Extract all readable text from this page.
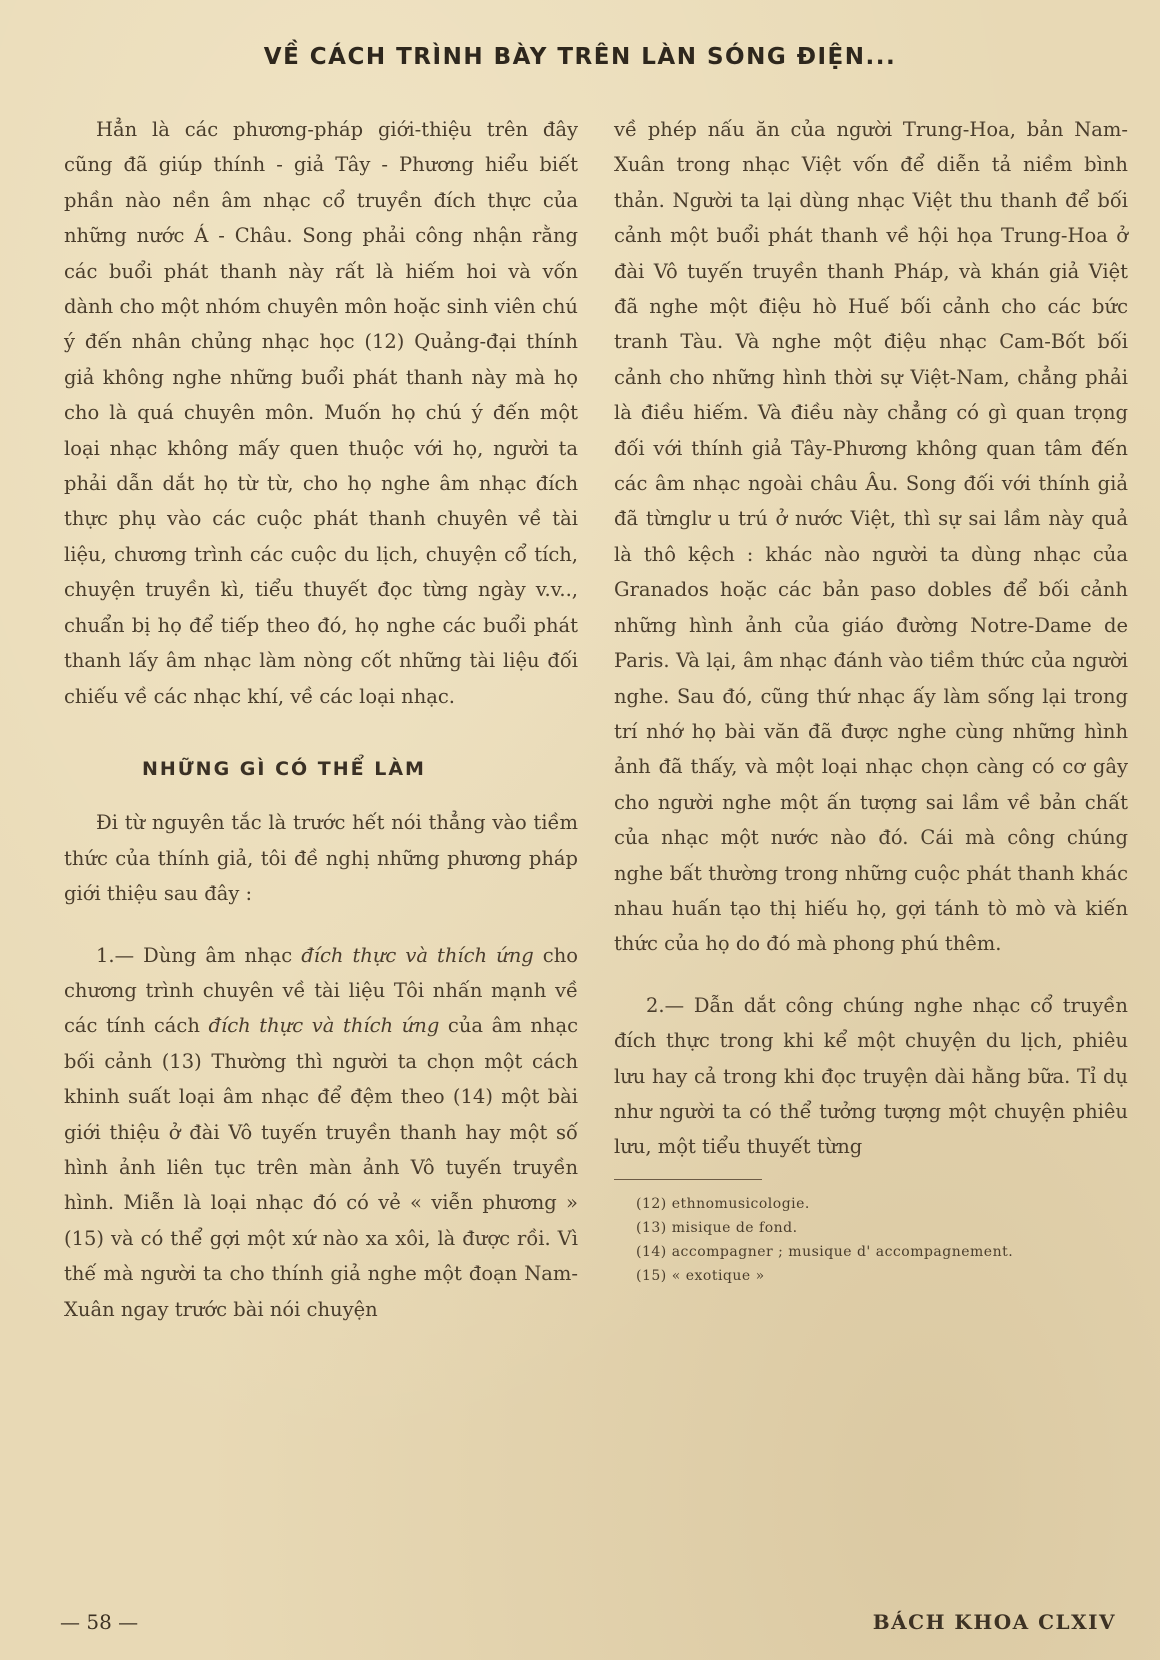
VỀ CÁCH TRÌNH BÀY TRÊN LÀN SÓNG ĐIỆN...

Hẳn là các phương-pháp giới-thiệu trên đây cũng đã giúp thính - giả Tây - Phương hiểu biết phần nào nền âm nhạc cổ truyền đích thực của những nước Á - Châu. Song phải công nhận rằng các buổi phát thanh này rất là hiếm hoi và vốn dành cho một nhóm chuyên môn hoặc sinh viên chú ý đến nhân chủng nhạc học (12) Quảng-đại thính giả không nghe những buổi phát thanh này mà họ cho là quá chuyên môn. Muốn họ chú ý đến một loại nhạc không mấy quen thuộc với họ, người ta phải dẫn dắt họ từ từ, cho họ nghe âm nhạc đích thực phụ vào các cuộc phát thanh chuyên về tài liệu, chương trình các cuộc du lịch, chuyện cổ tích, chuyện truyền kì, tiểu thuyết đọc từng ngày v.v.., chuẩn bị họ để tiếp theo đó, họ nghe các buổi phát thanh lấy âm nhạc làm nòng cốt những tài liệu đối chiếu về các nhạc khí, về các loại nhạc.

NHỮNG GÌ CÓ THỂ LÀM

Đi từ nguyên tắc là trước hết nói thẳng vào tiềm thức của thính giả, tôi đề nghị những phương pháp giới thiệu sau đây :

1.— Dùng âm nhạc đích thực và thích ứng cho chương trình chuyên về tài liệu Tôi nhấn mạnh về các tính cách đích thực và thích ứng của âm nhạc bối cảnh (13) Thường thì người ta chọn một cách khinh suất loại âm nhạc để đệm theo (14) một bài giới thiệu ở đài Vô tuyến truyền thanh hay một số hình ảnh liên tục trên màn ảnh Vô tuyến truyền hình. Miễn là loại nhạc đó có vẻ « viễn phương » (15) và có thể gợi một xứ nào xa xôi, là được rồi. Vì thế mà người ta cho thính giả nghe một đoạn Nam-Xuân ngay trước bài nói chuyện

về phép nấu ăn của người Trung-Hoa, bản Nam-Xuân trong nhạc Việt vốn để diễn tả niềm bình thản. Người ta lại dùng nhạc Việt thu thanh để bối cảnh một buổi phát thanh về hội họa Trung-Hoa ở đài Vô tuyến truyền thanh Pháp, và khán giả Việt đã nghe một điệu hò Huế bối cảnh cho các bức tranh Tàu. Và nghe một điệu nhạc Cam-Bốt bối cảnh cho những hình thời sự Việt-Nam, chẳng phải là điều hiếm. Và điều này chẳng có gì quan trọng đối với thính giả Tây-Phương không quan tâm đến các âm nhạc ngoài châu Âu. Song đối với thính giả đã từnglư u trú ở nước Việt, thì sự sai lầm này quả là thô kệch : khác nào người ta dùng nhạc của Granados hoặc các bản paso dobles để bối cảnh những hình ảnh của giáo đường Notre-Dame de Paris. Và lại, âm nhạc đánh vào tiềm thức của người nghe. Sau đó, cũng thứ nhạc ấy làm sống lại trong trí nhớ họ bài văn đã được nghe cùng những hình ảnh đã thấy, và một loại nhạc chọn càng có cơ gây cho người nghe một ấn tượng sai lầm về bản chất của nhạc một nước nào đó. Cái mà công chúng nghe bất thường trong những cuộc phát thanh khác nhau huấn tạo thị hiếu họ, gợi tánh tò mò và kiến thức của họ do đó mà phong phú thêm.

2.— Dẫn dắt công chúng nghe nhạc cổ truyền đích thực trong khi kể một chuyện du lịch, phiêu lưu hay cả trong khi đọc truyện dài hằng bữa. Tỉ dụ như người ta có thể tưởng tượng một chuyện phiêu lưu, một tiểu thuyết từng

(12) ethnomusicologie.
(13) misique de fond.
(14) accompagner ; musique d' accompagnement.
(15) « exotique »
— 58 —	BÁCH KHOA CLXIV
